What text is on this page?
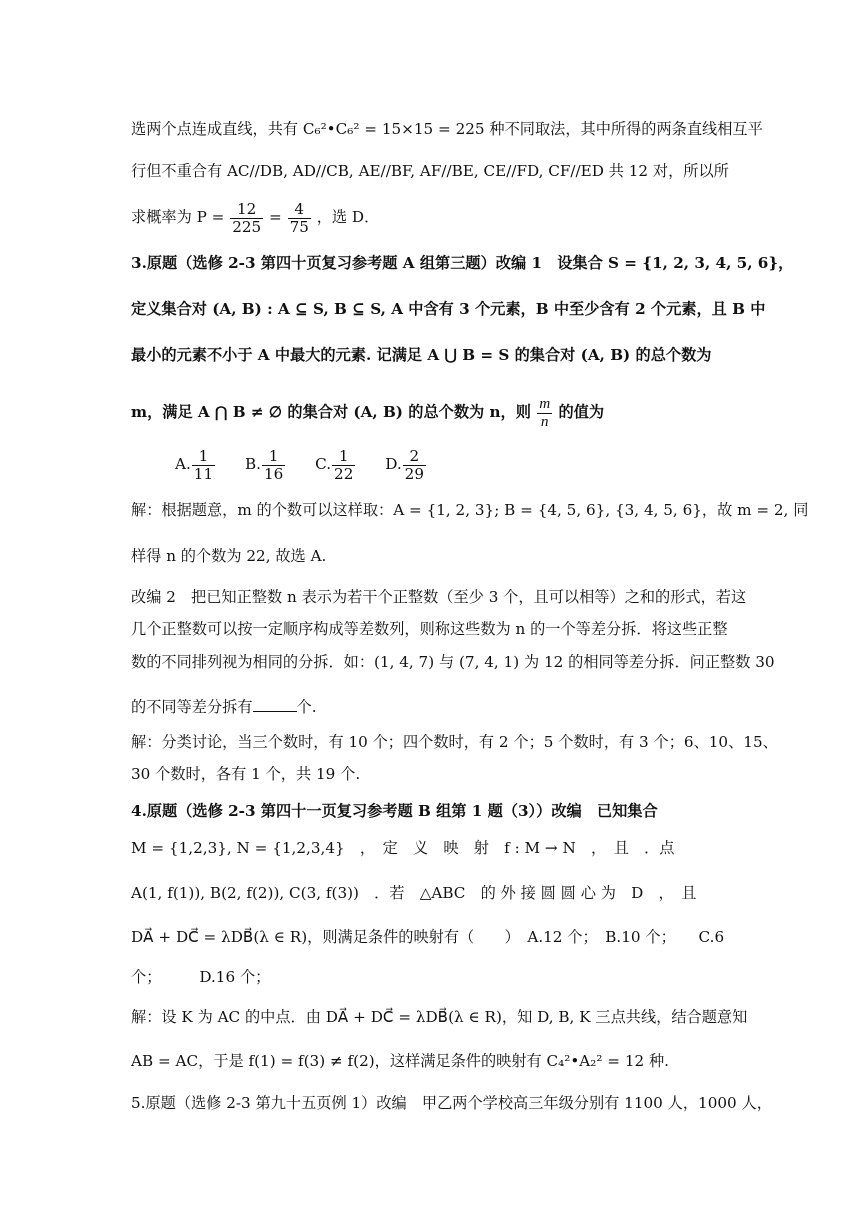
选两个点连成直线，共有 C₆²•C₆² = 15×15 = 225 种不同取法，其中所得的两条直线相互平
行但不重合有 AC//DB, AD//CB, AE//BF, AF//BE, CE//FD, CF//ED 共 12 对，所以所
求概率为 $P = \frac{12}{225} = \frac{4}{75}$ ，选 D．
3.原题（选修 2-3 第四十页复习参考题 A 组第三题）改编 1　设集合 S = {1, 2, 3, 4, 5, 6}，
定义集合对 (A, B) : A ⊆ S, B ⊆ S, A 中含有 3 个元素，B 中至少含有 2 个元素，且 B 中
最小的元素不小于 A 中最大的元素. 记满足 A ⋃ B = S 的集合对 (A, B) 的总个数为
m，满足 A ⋂ B ≠ ∅ 的集合对 (A, B) 的总个数为 n，则 $\frac{m}{n}$ 的值为
A. $\frac{1}{11} B$. $\frac{1}{16} C$. $\frac{1}{22} D$. $\frac{2}{29}$
解：根据题意，m 的个数可以这样取：A = {1, 2, 3}; B = {4, 5, 6}, {3, 4, 5, 6}，故 m = 2, 同
样得 n 的个数为 22, 故选 A.
改编 2　把已知正整数 n 表示为若干个正整数（至少 3 个，且可以相等）之和的形式，若这
几个正整数可以按一定顺序构成等差数列，则称这些数为 n 的一个等差分拆．将这些正整
数的不同排列视为相同的分拆．如：(1, 4, 7) 与 (7, 4, 1) 为 12 的相同等差分拆．问正整数 30
的不同等差分拆有	个.
解：分类讨论，当三个数时，有 10 个；四个数时，有 2 个；5 个数时，有 3 个；6、10、15、
30 个数时，各有 1 个，共 19 个.
4.原题（选修 2-3 第四十一页复习参考题 B 组第 1 题（3））改编　已知集合
M = {1,2,3}, N = {1,2,3,4}　，　定　义　映　射　f : M → N　，　且　．点
A(1, f(1)), B(2, f(2)), C(3, f(3))　．若　△ABC　的 外 接 圆 圆 心 为　D　，　且
DA⃗ + DC⃗ = λDB⃗(λ ∈ R)，则满足条件的映射有（　　）　A.12 个；　B.10 个；　　C.6
个；　　　D.16 个；
解：设 K 为 AC 的中点．由 DA⃗ + DC⃗ = λDB⃗(λ ∈ R)，知 D, B, K 三点共线，结合题意知
AB = AC，于是 f(1) = f(3) ≠ f(2)，这样满足条件的映射有 C₄²•A₂² = 12 种.
5.原题（选修 2-3 第九十五页例 1）改编　甲乙两个学校高三年级分别有 1100 人，1000 人，
